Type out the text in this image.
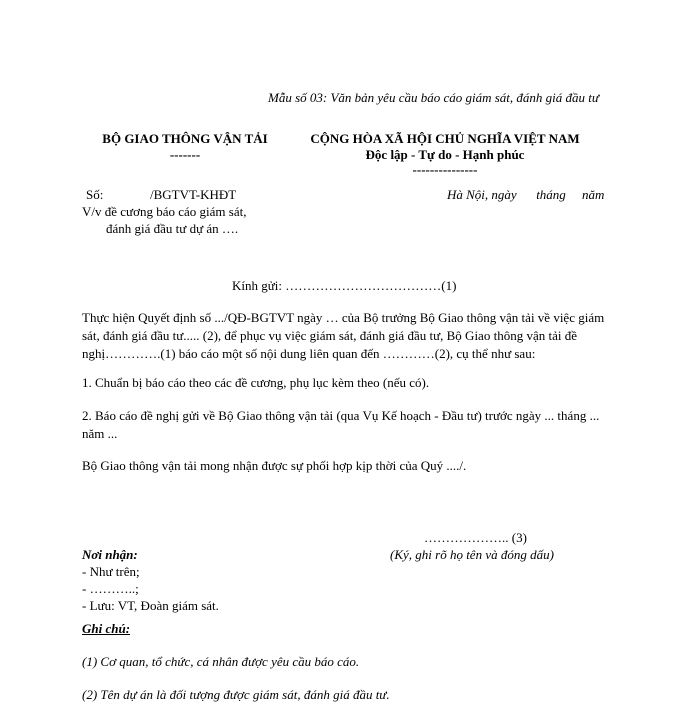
Mẫu số 03: Văn bản yêu cầu báo cáo giám sát, đánh giá đầu tư
BỘ GIAO THÔNG VẬN TẢI
-------
Số:	/BGTVT-KHĐT
V/v đề cương báo cáo giám sát,
đánh giá đầu tư dự án ….
CỘNG HÒA XÃ HỘI CHỦ NGHĨA VIỆT NAM
Độc lập - Tự do - Hạnh phúc
---------------
Hà Nội, ngày      tháng     năm
Kính gửi: ………………………………(1)
Thực hiện Quyết định số .../QĐ-BGTVT ngày … của Bộ trưởng Bộ Giao thông vận tải về việc giám sát, đánh giá đầu tư..... (2), để phục vụ việc giám sát, đánh giá đầu tư, Bộ Giao thông vận tải đề nghị………….(1) báo cáo một số nội dung liên quan đến …………(2), cụ thể như sau:
1. Chuẩn bị báo cáo theo các đề cương, phụ lục kèm theo (nếu có).
2. Báo cáo đề nghị gửi về Bộ Giao thông vận tải (qua Vụ Kế hoạch - Đầu tư) trước ngày ... tháng ... năm ...
Bộ Giao thông vận tải mong nhận được sự phối hợp kịp thời của Quý ..../.
……………….. (3)
(Ký, ghi rõ họ tên và đóng dấu)
Nơi nhận:
- Như trên;
- ………..;
- Lưu: VT, Đoàn giám sát.
Ghi chú:
(1) Cơ quan, tổ chức, cá nhân được yêu cầu báo cáo.
(2) Tên dự án là đối tượng được giám sát, đánh giá đầu tư.
